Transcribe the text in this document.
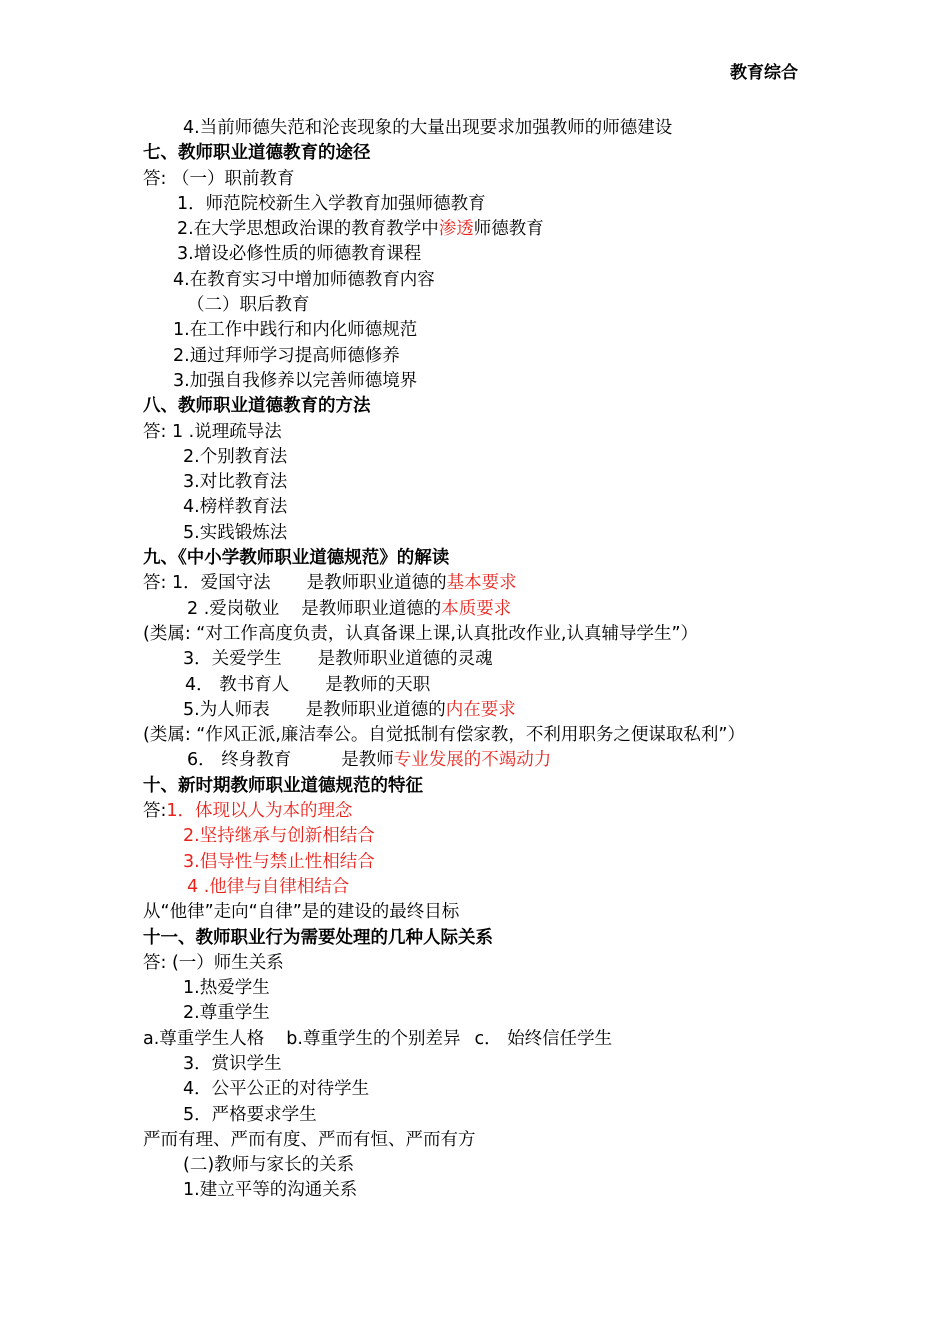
教育综合
4.当前师德失范和沦丧现象的大量出现要求加强教师的师德建设
七、教师职业道德教育的途径
答: （一）职前教育
1．师范院校新生入学教育加强师德教育
2.在大学思想政治课的教育教学中渗透师德教育
3.增设必修性质的师德教育课程
4.在教育实习中增加师德教育内容
（二）职后教育
1.在工作中践行和内化师德规范
2.通过拜师学习提高师德修养
3.加强自我修养以完善师德境界
八、教师职业道德教育的方法
答: 1 .说理疏导法
2.个别教育法
3.对比教育法
4.榜样教育法
5.实践锻炼法
九、《中小学教师职业道德规范》的解读
答: 1．爱国守法 是教师职业道德的基本要求
2 .爱岗敬业 是教师职业道德的本质要求
(类属: “对工作高度负责，认真备课上课,认真批改作业,认真辅导学生”）
3．关爱学生 是教师职业道德的灵魂
4． 教书育人 是教师的天职
5.为人师表 是教师职业道德的内在要求
(类属: “作风正派,廉洁奉公。自觉抵制有偿家教，不利用职务之便谋取私利”）
6． 终身教育	是教师专业发展的不竭动力
十、新时期教师职业道德规范的特征
答:1．体现以人为本的理念
2.坚持继承与创新相结合
3.倡导性与禁止性相结合
4 .他律与自律相结合
从“他律”走向“自律”是的建设的最终目标
十一、教师职业行为需要处理的几种人际关系
答: (一）师生关系
1.热爱学生
2.尊重学生
a.尊重学生人格 b.尊重学生的个别差异 c． 始终信任学生
3．赏识学生
4．公平公正的对待学生
5．严格要求学生
严而有理、严而有度、严而有恒、严而有方
(二)教师与家长的关系
1.建立平等的沟通关系
